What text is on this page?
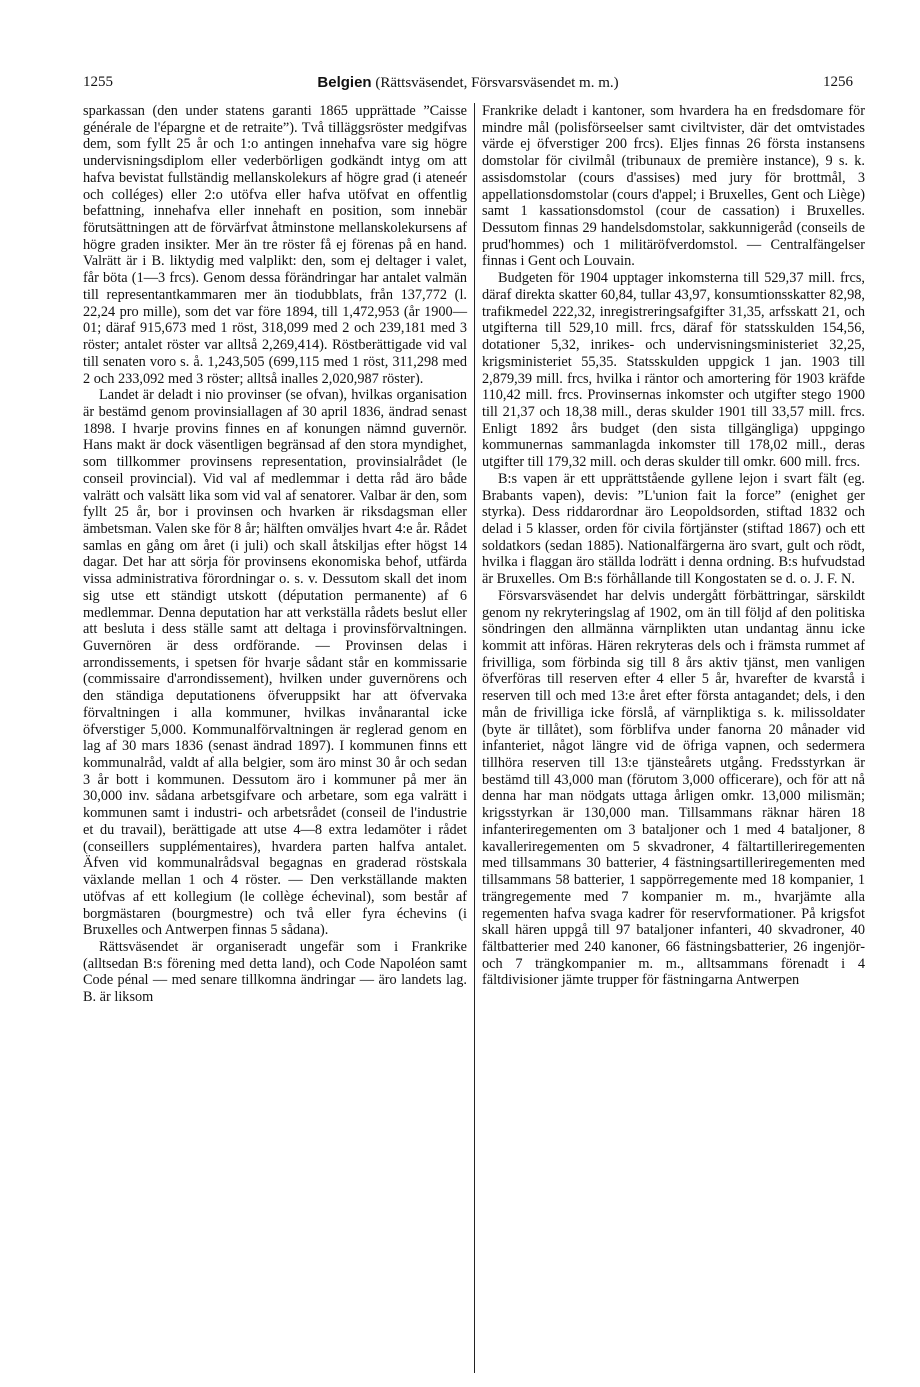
1255	Belgien (Rättsväsendet, Försvarsväsendet m. m.)	1256

sparkassan (den under statens garanti 1865 upprättade ”Caisse générale de l'épargne et de retraite”). Två tilläggsröster medgifvas dem, som fyllt 25 år och 1:o antingen innehafva vare sig högre undervisningsdiplom eller vederbörligen godkändt intyg om att hafva bevistat fullständig mellanskolekurs af högre grad (i ateneér och colléges) eller 2:o utöfva eller hafva utöfvat en offentlig befattning, innehafva eller innehaft en position, som innebär förutsättningen att de förvärfvat åtminstone mellanskolekursens af högre graden insikter. Mer än tre röster få ej förenas på en hand. Valrätt är i B. liktydig med valplikt: den, som ej deltager i valet, får böta (1—3 frcs). Genom dessa förändringar har antalet valmän till representantkammaren mer än tiodubblats, från 137,772 (l. 22,24 pro mille), som det var före 1894, till 1,472,953 (år 1900—01; däraf 915,673 med 1 röst, 318,099 med 2 och 239,181 med 3 röster; antalet röster var alltså 2,269,414). Röstberättigade vid val till senaten voro s. å. 1,243,505 (699,115 med 1 röst, 311,298 med 2 och 233,092 med 3 röster; alltså inalles 2,020,987 röster).

Landet är deladt i nio provinser (se ofvan), hvilkas organisation är bestämd genom provinsiallagen af 30 april 1836, ändrad senast 1898. I hvarje provins finnes en af konungen nämnd guvernör. Hans makt är dock väsentligen begränsad af den stora myndighet, som tillkommer provinsens representation, provinsialrådet (le conseil provincial). Vid val af medlemmar i detta råd äro både valrätt och valsätt lika som vid val af senatorer. Valbar är den, som fyllt 25 år, bor i provinsen och hvarken är riksdagsman eller ämbetsman. Valen ske för 8 år; hälften omväljes hvart 4:e år. Rådet samlas en gång om året (i juli) och skall åtskiljas efter högst 14 dagar. Det har att sörja för provinsens ekonomiska behof, utfärda vissa administrativa förordningar o. s. v. Dessutom skall det inom sig utse ett ständigt utskott (députation permanente) af 6 medlemmar. Denna deputation har att verkställa rådets beslut eller att besluta i dess ställe samt att deltaga i provinsförvaltningen. Guvernören är dess ordförande. — Provinsen delas i arrondissements, i spetsen för hvarje sådant står en kommissarie (commissaire d'arrondissement), hvilken under guvernörens och den ständiga deputationens öfveruppsikt har att öfvervaka förvaltningen i alla kommuner, hvilkas invånarantal icke öfverstiger 5,000. Kommunalförvaltningen är reglerad genom en lag af 30 mars 1836 (senast ändrad 1897). I kommunen finns ett kommunalråd, valdt af alla belgier, som äro minst 30 år och sedan 3 år bott i kommunen. Dessutom äro i kommuner på mer än 30,000 inv. sådana arbetsgifvare och arbetare, som ega valrätt i kommunen samt i industri- och arbetsrådet (conseil de l'industrie et du travail), berättigade att utse 4—8 extra ledamöter i rådet (conseillers supplémentaires), hvardera parten halfva antalet. Äfven vid kommunalrådsval begagnas en graderad röstskala växlande mellan 1 och 4 röster. — Den verkställande makten utöfvas af ett kollegium (le collège échevinal), som består af borgmästaren (bourgmestre) och två eller fyra échevins (i Bruxelles och Antwerpen finnas 5 sådana).

Rättsväsendet är organiseradt ungefär som i Frankrike (alltsedan B:s förening med detta land), och Code Napoléon samt Code pénal — med senare tillkomna ändringar — äro landets lag. B. är liksom

Frankrike deladt i kantoner, som hvardera ha en fredsdomare för mindre mål (polisförseelser samt civiltvister, där det omtvistades värde ej öfverstiger 200 frcs). Eljes finnas 26 första instansens domstolar för civilmål (tribunaux de première instance), 9 s. k. assisdomstolar (cours d'assises) med jury för brottmål, 3 appellationsdomstolar (cours d'appel; i Bruxelles, Gent och Liège) samt 1 kassationsdomstol (cour de cassation) i Bruxelles. Dessutom finnas 29 handelsdomstolar, sakkunnigeråd (conseils de prud'hommes) och 1 militäröfverdomstol. — Centralfängelser finnas i Gent och Louvain.

Budgeten för 1904 upptager inkomsterna till 529,37 mill. frcs, däraf direkta skatter 60,84, tullar 43,97, konsumtionsskatter 82,98, trafikmedel 222,32, inregistreringsafgifter 31,35, arfsskatt 21, och utgifterna till 529,10 mill. frcs, däraf för statsskulden 154,56, dotationer 5,32, inrikes- och undervisningsministeriet 32,25, krigsministeriet 55,35. Statsskulden uppgick 1 jan. 1903 till 2,879,39 mill. frcs, hvilka i räntor och amortering för 1903 kräfde 110,42 mill. frcs. Provinsernas inkomster och utgifter stego 1900 till 21,37 och 18,38 mill., deras skulder 1901 till 33,57 mill. frcs. Enligt 1892 års budget (den sista tillgängliga) uppgingo kommunernas sammanlagda inkomster till 178,02 mill., deras utgifter till 179,32 mill. och deras skulder till omkr. 600 mill. frcs.

B:s vapen är ett upprättstående gyllene lejon i svart fält (eg. Brabants vapen), devis: ”L'union fait la force” (enighet ger styrka). Dess riddarordnar äro Leopoldsorden, stiftad 1832 och delad i 5 klasser, orden för civila förtjänster (stiftad 1867) och ett soldatkors (sedan 1885). Nationalfärgerna äro svart, gult och rödt, hvilka i flaggan äro ställda lodrätt i denna ordning. B:s hufvudstad är Bruxelles. Om B:s förhållande till Kongostaten se d. o. J. F. N.

Försvarsväsendet har delvis undergått förbättringar, särskildt genom ny rekryteringslag af 1902, om än till följd af den politiska söndringen den allmänna värnplikten utan undantag ännu icke kommit att införas. Hären rekryteras dels och i främsta rummet af frivilliga, som förbinda sig till 8 års aktiv tjänst, men vanligen öfverföras till reserven efter 4 eller 5 år, hvarefter de kvarstå i reserven till och med 13:e året efter första antagandet; dels, i den mån de frivilliga icke förslå, af värnpliktiga s. k. milissoldater (byte är tillåtet), som förblifva under fanorna 20 månader vid infanteriet, något längre vid de öfriga vapnen, och sedermera tillhöra reserven till 13:e tjänsteårets utgång. Fredsstyrkan är bestämd till 43,000 man (förutom 3,000 officerare), och för att nå denna har man nödgats uttaga årligen omkr. 13,000 milismän; krigsstyrkan är 130,000 man. Tillsammans räknar hären 18 infanteriregementen om 3 bataljoner och 1 med 4 bataljoner, 8 kavalleriregementen om 5 skvadroner, 4 fältartilleriregementen med tillsammans 30 batterier, 4 fästningsartilleriregementen med tillsammans 58 batterier, 1 sappörregemente med 18 kompanier, 1 trängregemente med 7 kompanier m. m., hvarjämte alla regementen hafva svaga kadrer för reservformationer. På krigsfot skall hären uppgå till 97 bataljoner infanteri, 40 skvadroner, 40 fältbatterier med 240 kanoner, 66 fästningsbatterier, 26 ingenjör- och 7 trängkompanier m. m., alltsammans förenadt i 4 fältdivisioner jämte trupper för fästningarna Antwerpen
